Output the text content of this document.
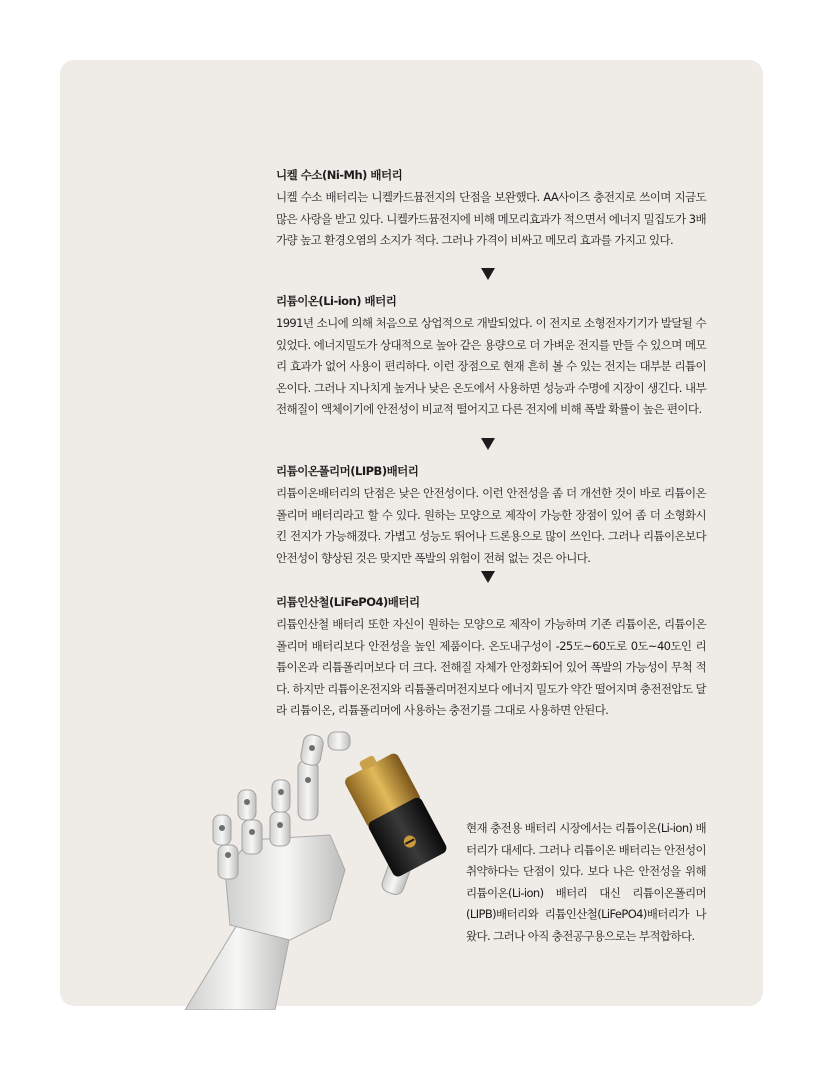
니켈 수소(Ni-Mh) 배터리

니켈 수소 배터리는 니켈카드뮴전지의 단점을 보완했다. AA사이즈 충전지로 쓰이며 지금도 많은 사랑을 받고 있다. 니켈카드뮴전지에 비해 메모리효과가 적으면서 에너지 밀집도가 3배 가량 높고 환경오염의 소지가 적다. 그러나 가격이 비싸고 메모리 효과를 가지고 있다.

리튬이온(Li-ion) 배터리

1991년 소니에 의해 처음으로 상업적으로 개발되었다. 이 전지로 소형전자기기가 발달될 수 있었다. 에너지밀도가 상대적으로 높아 같은 용량으로 더 가벼운 전지를 만들 수 있으며 메모리 효과가 없어 사용이 편리하다. 이런 장점으로 현재 흔히 볼 수 있는 전지는 대부분 리튬이온이다. 그러나 지나치게 높거나 낮은 온도에서 사용하면 성능과 수명에 지장이 생긴다. 내부 전해질이 액체이기에 안전성이 비교적 떨어지고 다른 전지에 비해 폭발 확률이 높은 편이다.

리튬이온폴리머(LIPB)배터리

리튬이온배터리의 단점은 낮은 안전성이다. 이런 안전성을 좀 더 개선한 것이 바로 리튬이온폴리머 배터리라고 할 수 있다. 원하는 모양으로 제작이 가능한 장점이 있어 좀 더 소형화시킨 전지가 가능해졌다. 가볍고 성능도 뛰어나 드론용으로 많이 쓰인다. 그러나 리튬이온보다 안전성이 향상된 것은 맞지만 폭발의 위험이 전혀 없는 것은 아니다.

리튬인산철(LiFePO4)배터리

리튬인산철 배터리 또한 자신이 원하는 모양으로 제작이 가능하며 기존 리튬이온, 리튬이온폴리머 배터리보다 안전성을 높인 제품이다. 온도내구성이 -25도~60도로 0도~40도인 리튬이온과 리튬폴리머보다 더 크다. 전해질 자체가 안정화되어 있어 폭발의 가능성이 무척 적다. 하지만 리튬이온전지와 리튬폴리머전지보다 에너지 밀도가 약간 떨어지며 충전전압도 달라 리튬이온, 리튬폴리머에 사용하는 충전기를 그대로 사용하면 안된다.

현재 충전용 배터리 시장에서는 리튬이온(Li-ion) 배터리가 대세다. 그러나 리튬이온 배터리는 안전성이 취약하다는 단점이 있다. 보다 나은 안전성을 위해 리튬이온(Li-ion) 배터리 대신 리튬이온폴리머(LIPB)배터리와 리튬인산철(LiFePO4)배터리가 나왔다. 그러나 아직 충전공구용으로는 부적합하다.
